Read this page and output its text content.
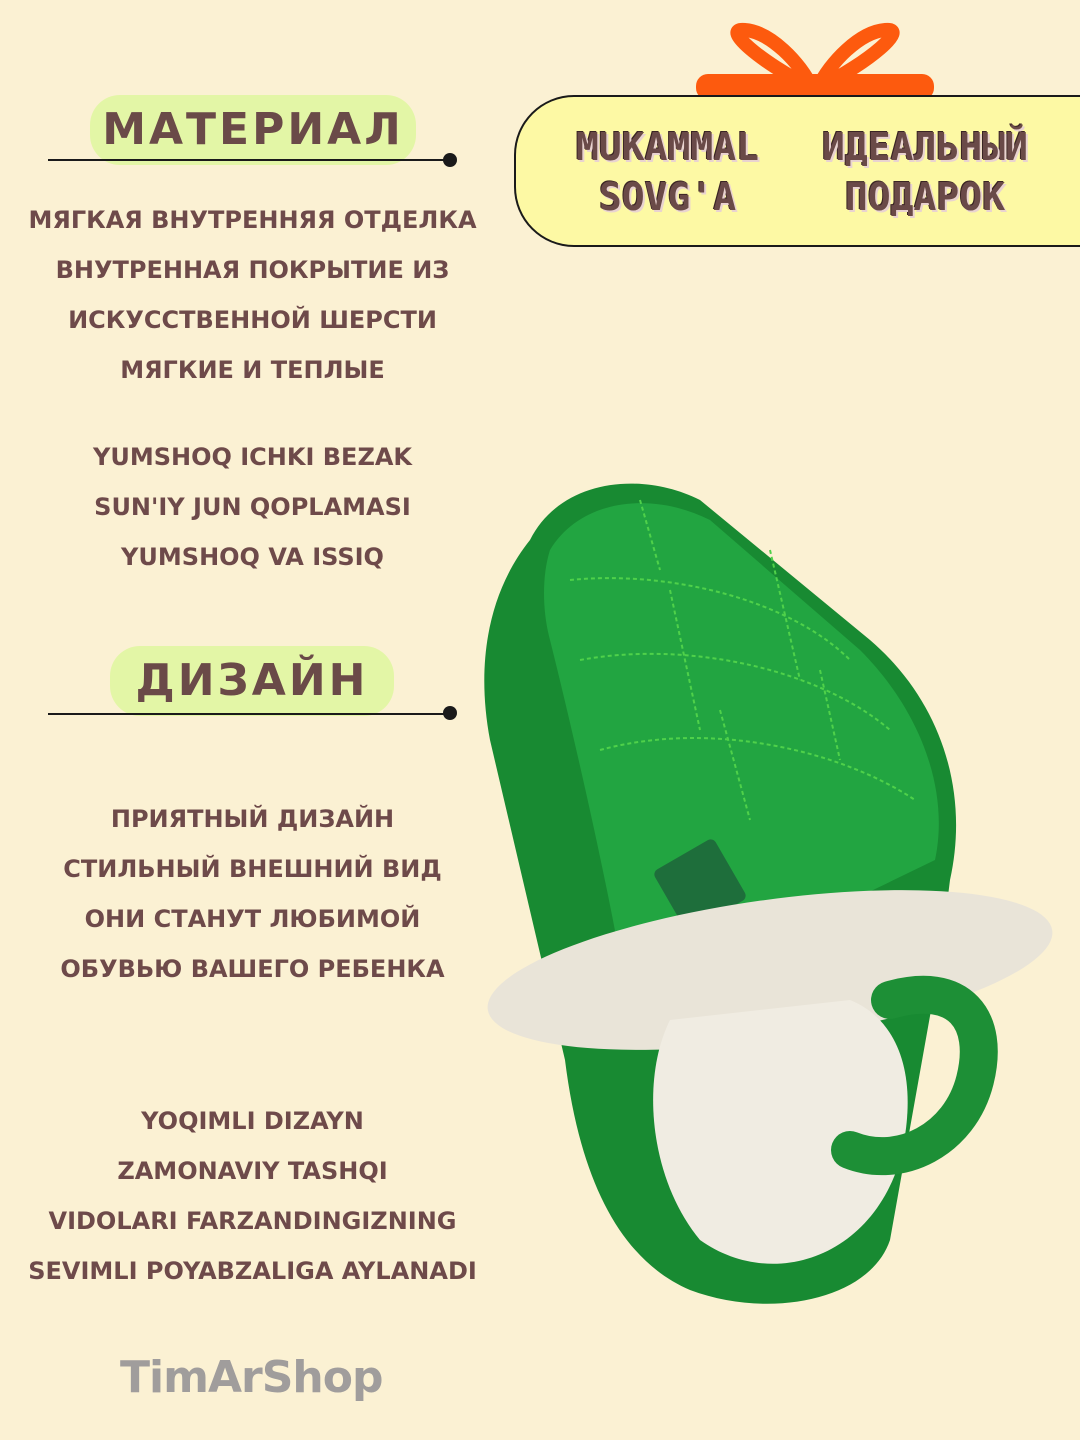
MUKAMMAL
SOVG'A
ИДЕАЛЬНЫЙ
ПОДАРОК
МАТЕРИАЛ
МЯГКАЯ ВНУТРЕННЯЯ ОТДЕЛКА
ВНУТРЕННАЯ ПОКРЫТИЕ ИЗ
ИСКУССТВЕННОЙ ШЕРСТИ
МЯГКИЕ И ТЕПЛЫЕ
YUMSHOQ ICHKI BEZAK
SUN'IY JUN QOPLAMASI
YUMSHOQ VA ISSIQ
ДИЗАЙН
ПРИЯТНЫЙ ДИЗАЙН
СТИЛЬНЫЙ ВНЕШНИЙ ВИД
ОНИ СТАНУТ ЛЮБИМОЙ
ОБУВЬЮ ВАШЕГО РЕБЕНКА
YOQIMLI DIZAYN
ZAMONAVIY TASHQI
VIDOLARI FARZANDINGIZNING
SEVIMLI POYABZALIGA AYLANADI
TimArShop
